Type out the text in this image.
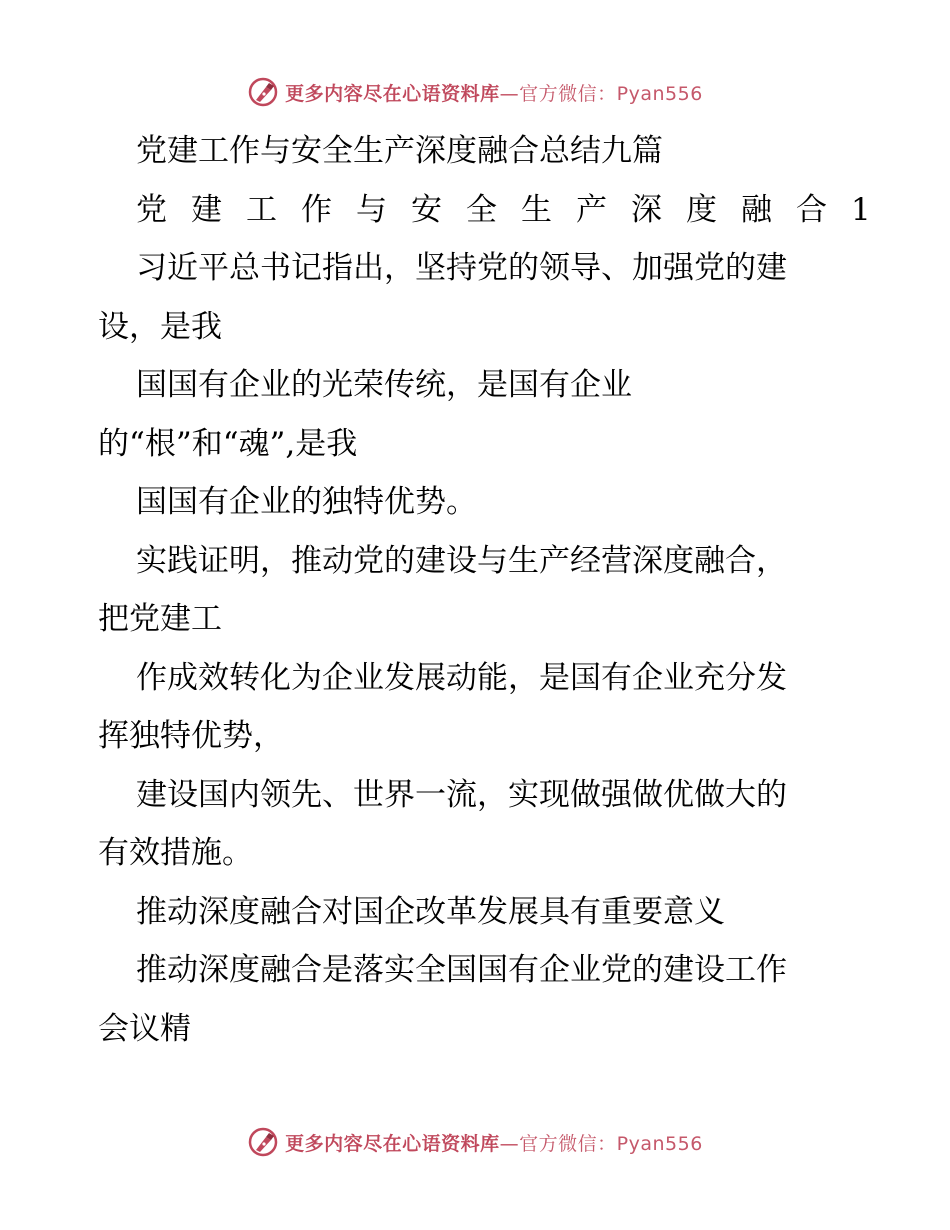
更多内容尽在心语资料库—官方微信：Pyan556
党建工作与安全生产深度融合总结九篇
党建工作与安全生产深度融合1
习近平总书记指出，坚持党的领导、加强党的建
设，是我
国国有企业的光荣传统，是国有企业
的“根”和“魂”,是我
国国有企业的独特优势。
实践证明，推动党的建设与生产经营深度融合，
把党建工
作成效转化为企业发展动能，是国有企业充分发
挥独特优势，
建设国内领先、世界一流，实现做强做优做大的
有效措施。
推动深度融合对国企改革发展具有重要意义
推动深度融合是落实全国国有企业党的建设工作
会议精
更多内容尽在心语资料库—官方微信：Pyan556
